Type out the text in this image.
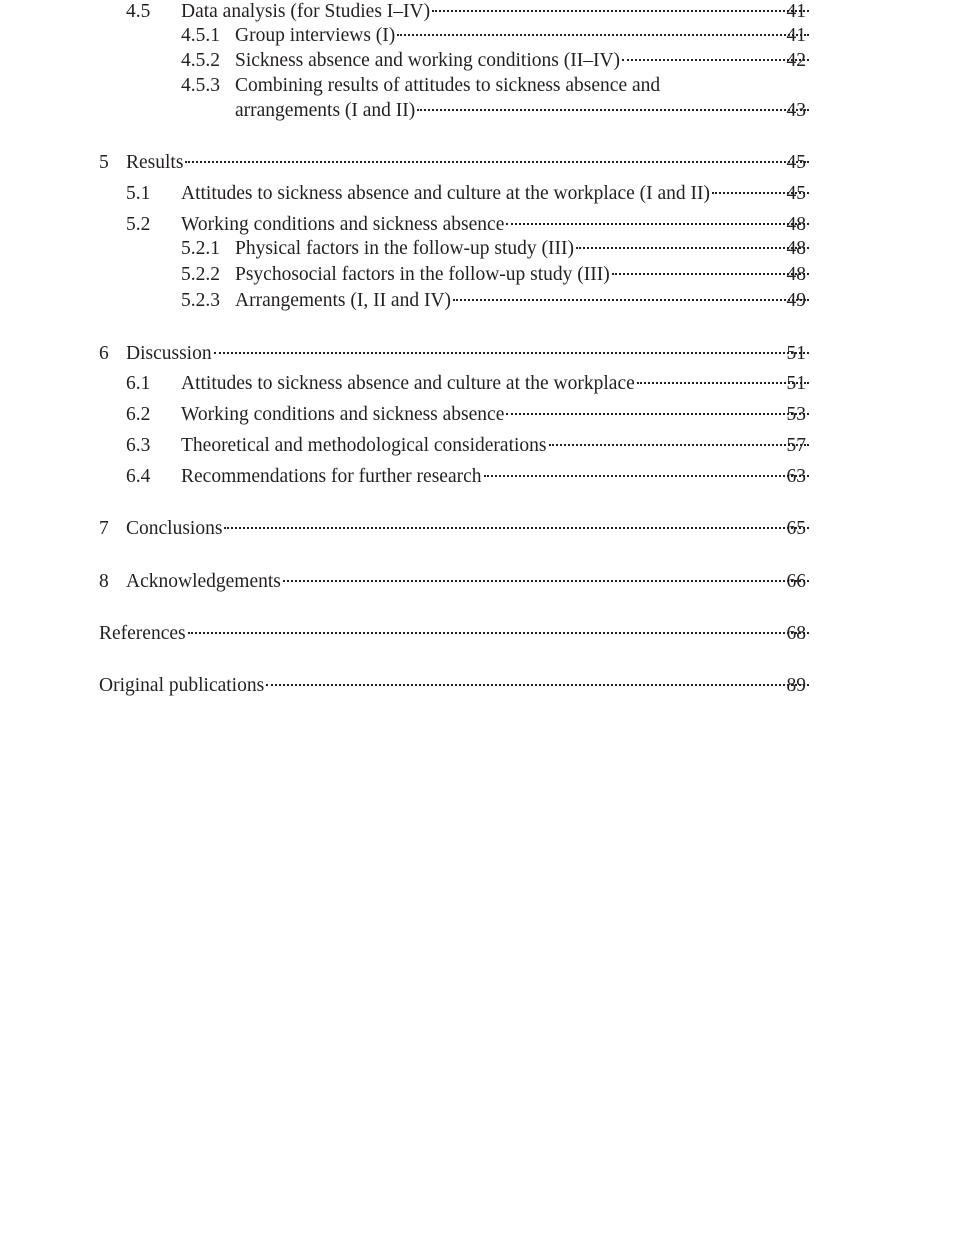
4.5 Data analysis (for Studies I–IV)	41
4.5.1 Group interviews (I)	41
4.5.2 Sickness absence and working conditions (II–IV)	42
4.5.3 Combining results of attitudes to sickness absence and
arrangements (I and II)	43
5 Results	45
5.1 Attitudes to sickness absence and culture at the workplace (I and II)	45
5.2 Working conditions and sickness absence	48
5.2.1 Physical factors in the follow-up study (III)	48
5.2.2 Psychosocial factors in the follow-up study (III)	48
5.2.3 Arrangements (I, II and IV)	49
6 Discussion	51
6.1 Attitudes to sickness absence and culture at the workplace	51
6.2 Working conditions and sickness absence	53
6.3 Theoretical and methodological considerations	57
6.4 Recommendations for further research	63
7 Conclusions	65
8 Acknowledgements	66
References	68
Original publications	89
